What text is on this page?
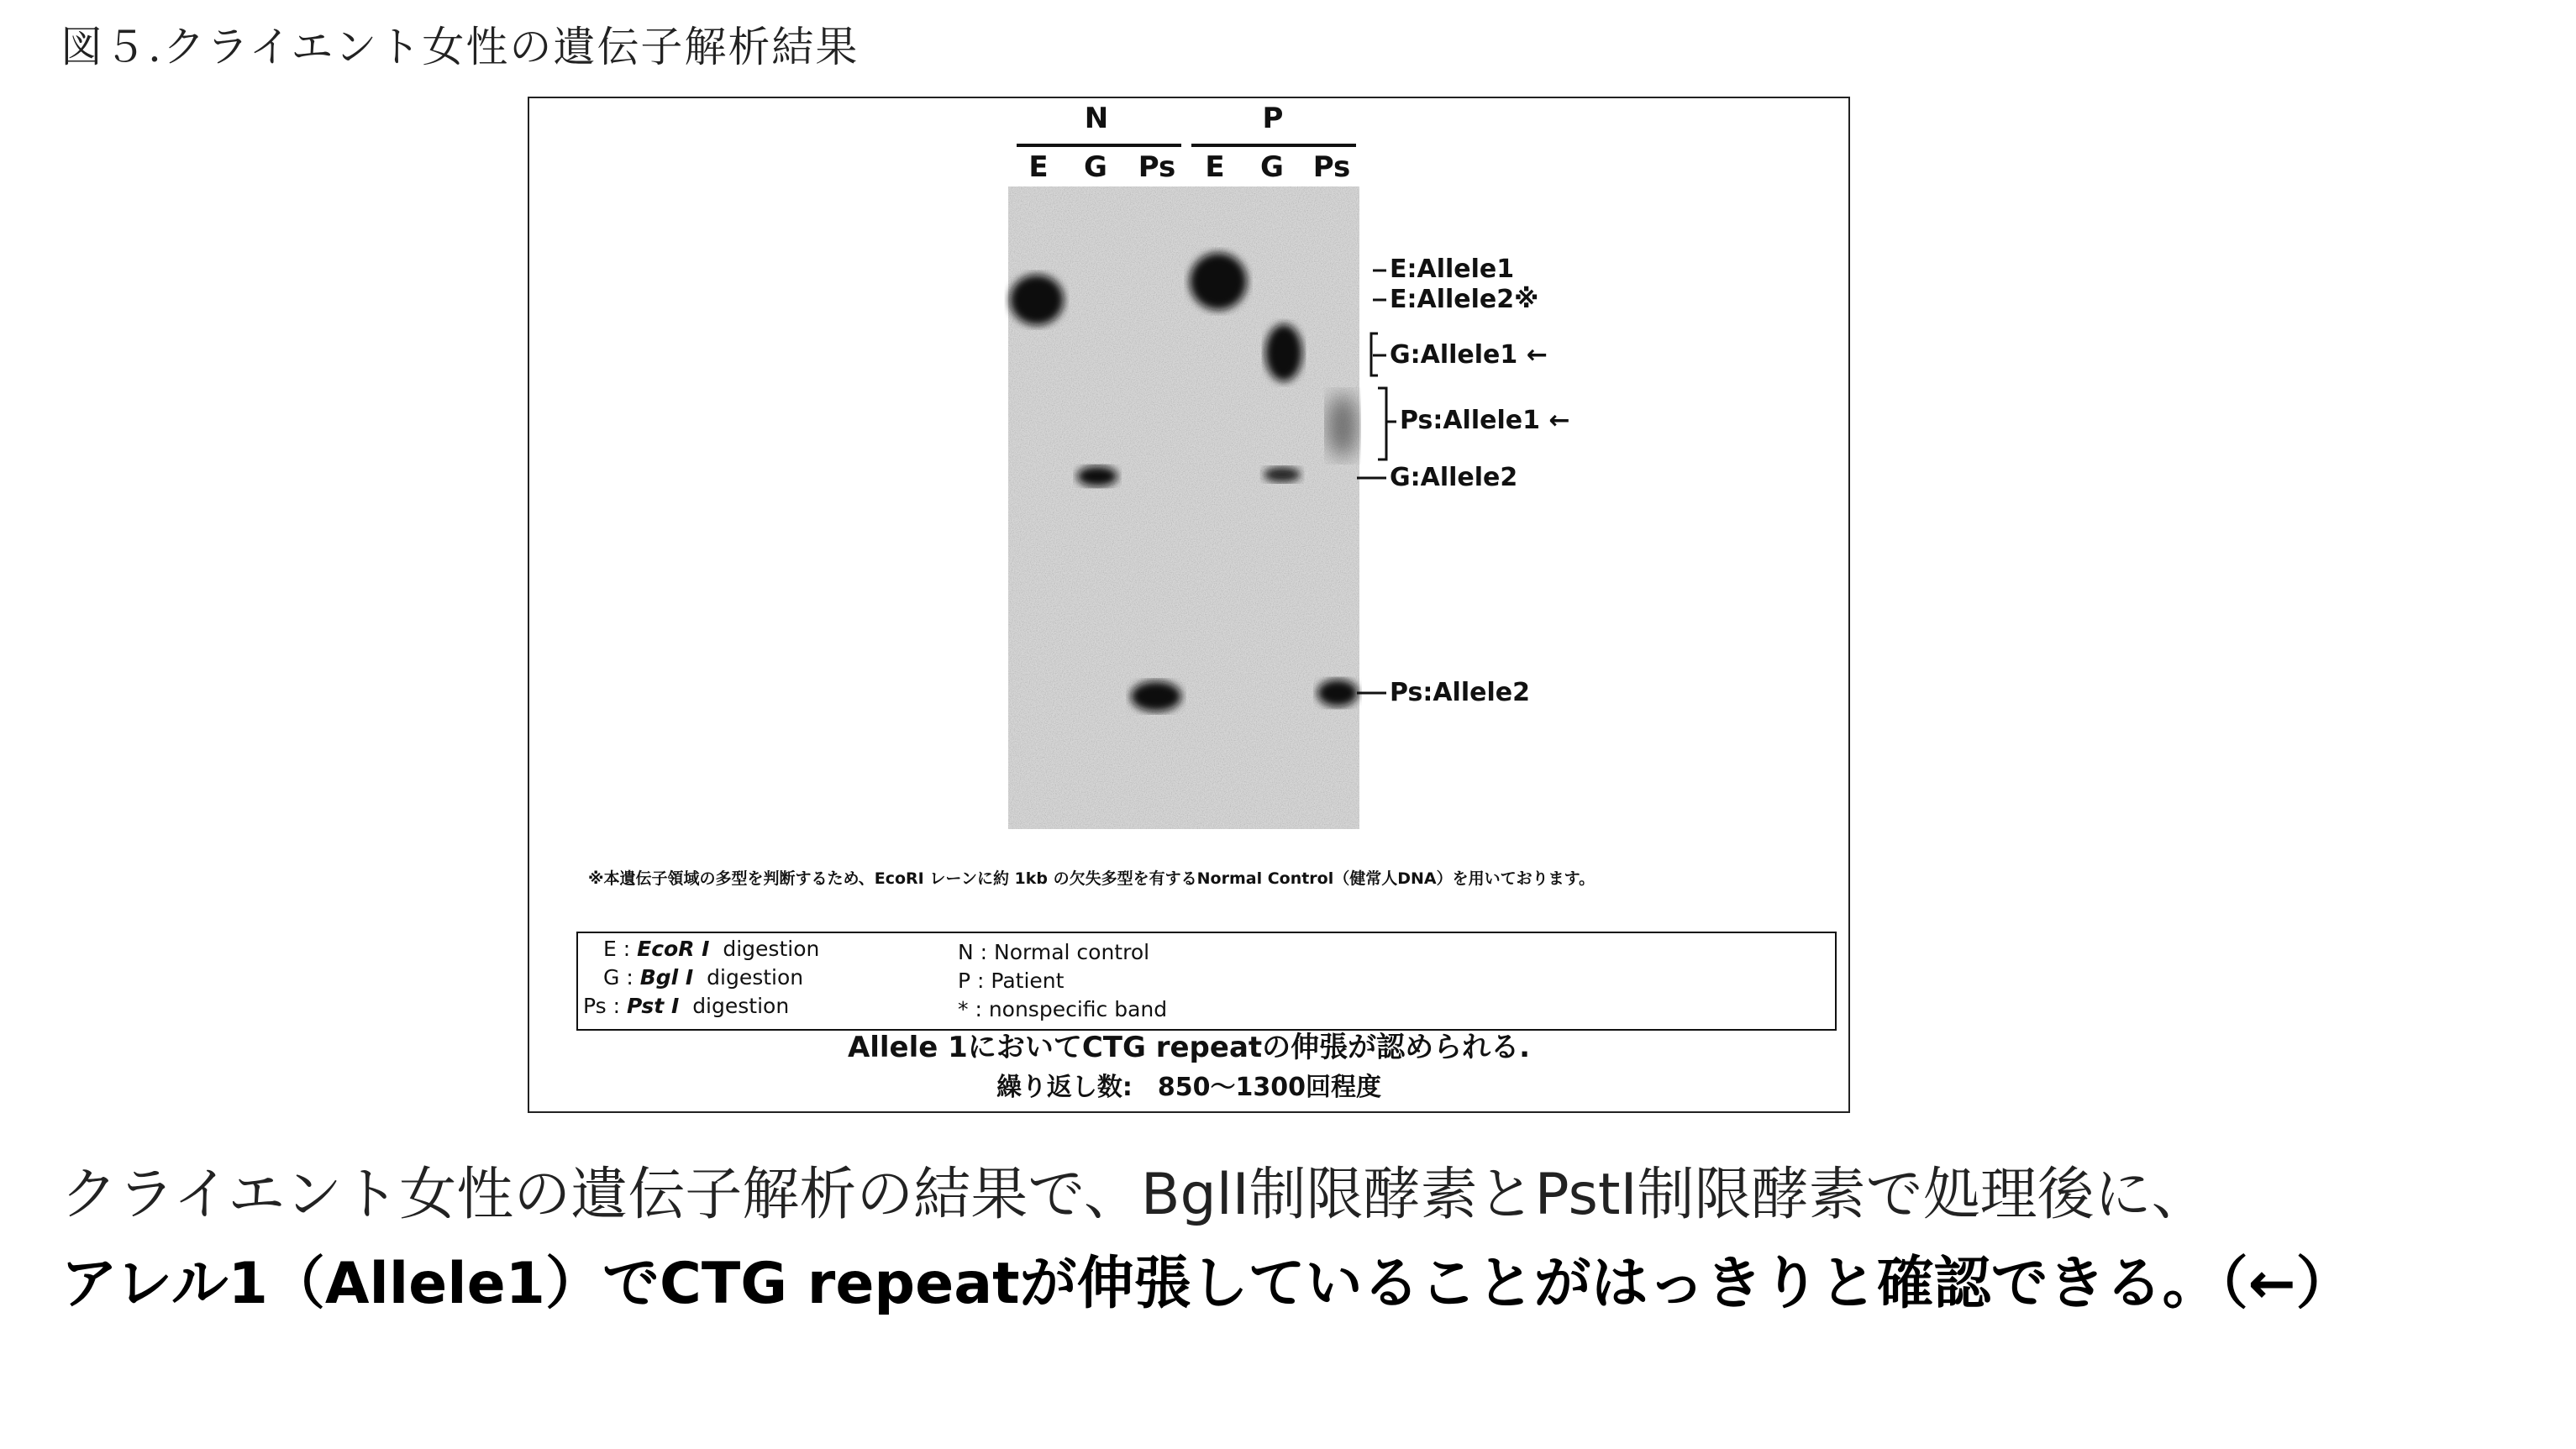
図５.クライエント女性の遺伝子解析結果
N	P
E	G Ps	E	G Ps
E:Allele1
E:Allele2※
G:Allele1 ←
Ps:Allele1 ←
G:Allele2
Ps:Allele2
※本遺伝子領域の多型を判断するため、EcoRI レーンに約 1kb の欠失多型を有するNormal Control（健常人DNA）を用いております。
E : EcoR I digestion
G : Bgl I digestion
Ps : Pst I digestion
N : Normal control
P : Patient
* : nonspecific band
Allele 1においてCTG repeatの伸張が認められる.
繰り返し数:　850〜1300回程度
クライエント女性の遺伝子解析の結果で、BglⅠ制限酵素とPstⅠ制限酵素で処理後に、
アレル1（Allele1）でCTG repeatが伸張していることがはっきりと確認できる。（←）
